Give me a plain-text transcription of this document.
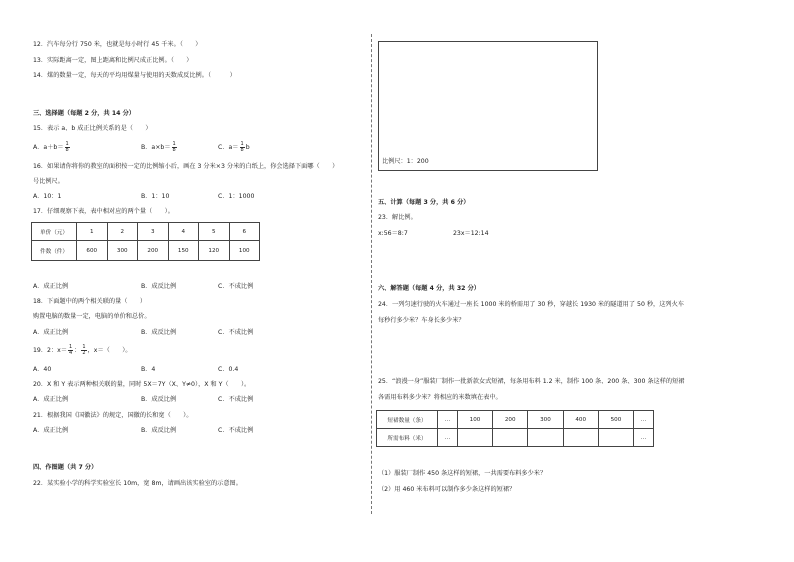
12．汽车每分行 750 米，也就是每小时行 45 千米。（　　）
13．实际距离一定，图上距离和比例尺成正比例。（　　）
14．煤的数量一定，每天的平均用煤量与使用的天数成反比例。（　　　）
三、选择题（每题 2 分，共 14 分）
15．表示 a、b 成正比例关系的是（　　）
A．$a+b= \frac{1}{8}$	B．$a\times b= \frac{1}{8}$	C．$a= \frac{1}{8}$ b
16．如果请你将你的教室的面积按一定的比例缩小后，画在 3 分米×3 分米的白纸上，你会选择下面哪（　　）
号比例尺。
A．10：1	B．1：10	C．1：1000
17．仔细观察下表，表中相对应的两个量（　　）。
单价（元）	1	2	3	4	5	6
件数（件）	600	300	200	150	120	100
A．成正比例	B．成反比例	C．不成比例
18．下面题中的两个相关联的量（　　）
购置电脑的数量一定，电脑的单价和总价。
A．成正比例	B．成反比例	C．不成比例
19．2：$x= \frac{1}{4}$ ： $\frac{1}{2}$ ，x＝（　　）。
A．40	B．4	C．0.4
20．X 和 Y 表示两种相关联的量，同时 5X＝7Y（X、Y≠0），X 和 Y（　　）。
A．成正比例	B．成反比例	C．不成比例
21．根据我国《国徽法》的规定，国徽的长和宽（　　）。
A．成正比例	B．成反比例	C．不成比例
四、作图题（共 7 分）
22．某实验小学的科学实验室长 10m，宽 8m，请画出该实验室的示意图。
比例尺：1：200
五、计算（每题 3 分，共 6 分）
23．解比例。
x:56＝8:7	23x＝12:14
六、解答题（每题 4 分，共 32 分）
24．一列匀速行驶的火车通过一座长 1000 米的桥需用了 30 秒，穿越长 1930 米的隧道用了 50 秒，这列火车
每秒行多少米？车身长多少米？
25．“浪漫一身”服装厂制作一批新款女式短裙，每条用布料 1.2 米，制作 100 条、200 条、300 条这样的短裙
各需用布料多少米？将相应的米数填在表中。
短裙数量（条）	…	100	200	300	400	500	…
所需布料（米）	…						…
（1）服装厂制作 450 条这样的短裙，一共需要布料多少米？
（2）用 460 米布料可以制作多少条这样的短裙？
